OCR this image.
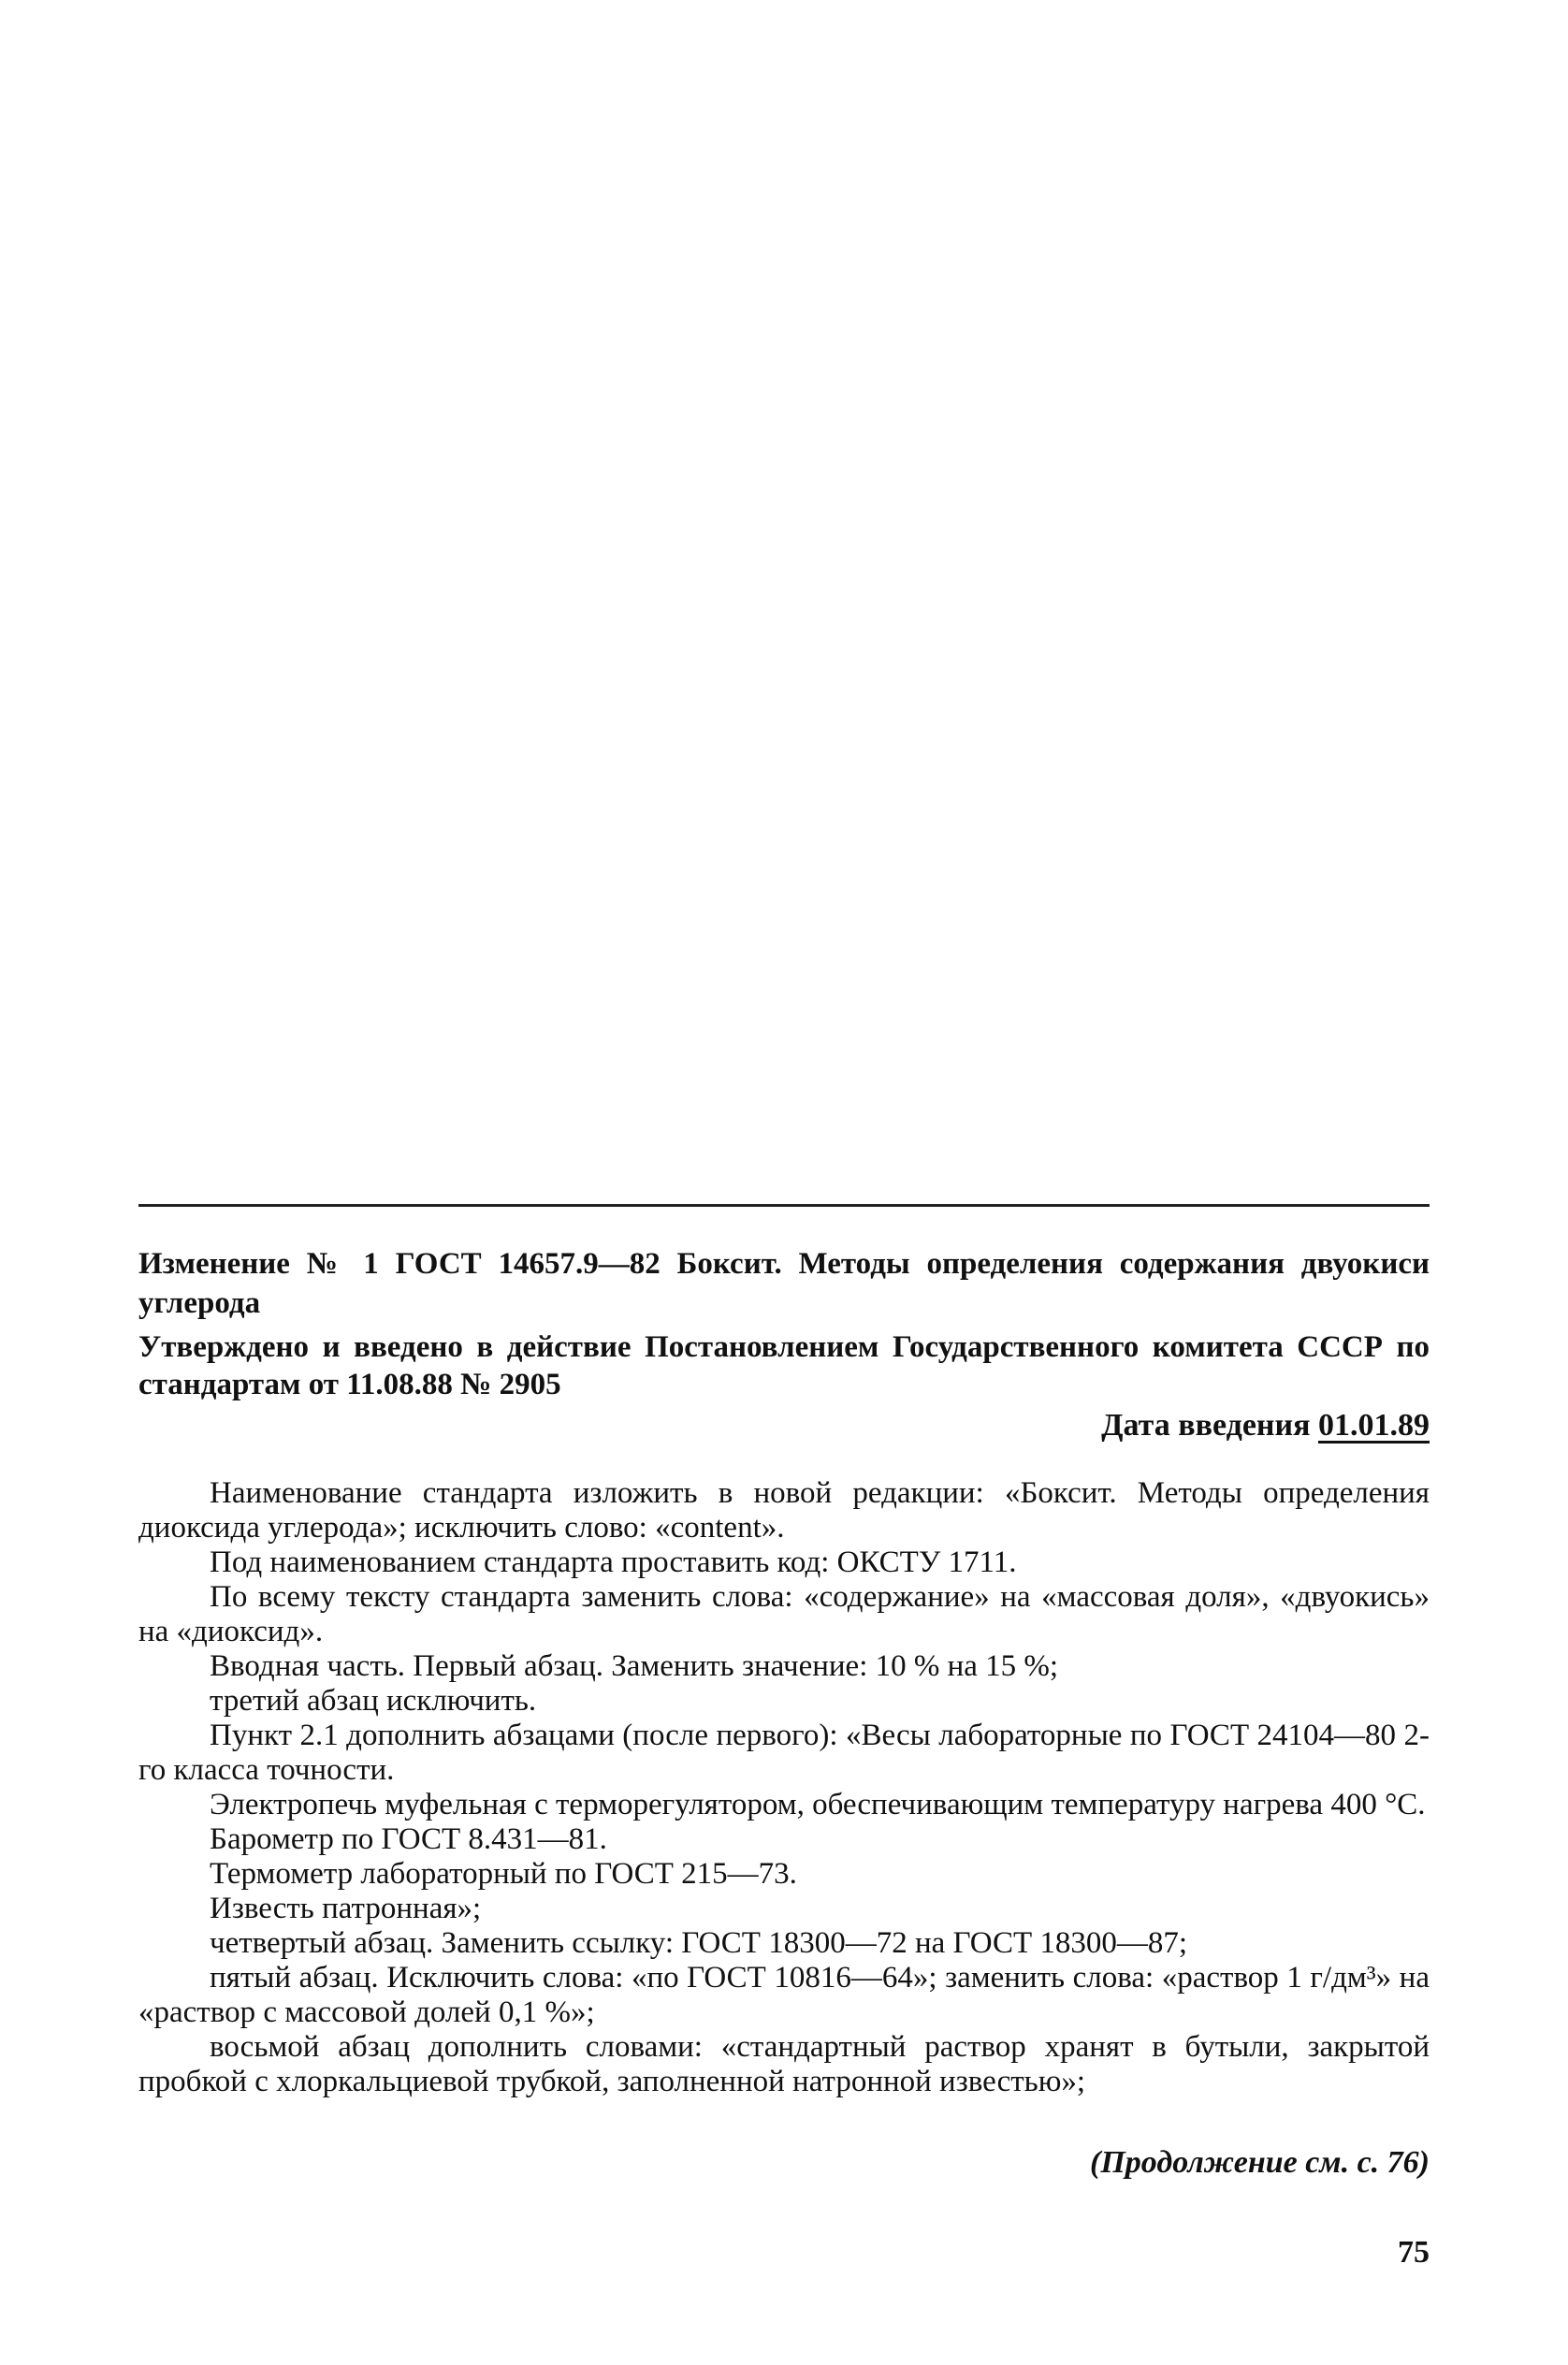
Изменение № 1 ГОСТ 14657.9—82 Боксит. Методы определения содержания двуокиси углерода
Утверждено и введено в действие Постановлением Государственного комитета СССР по стандартам от 11.08.88 № 2905
Дата введения 01.01.89

Наименование стандарта изложить в новой редакции: «Боксит. Методы определения диоксида углерода»; исключить слово: «content».

Под наименованием стандарта проставить код: ОКСТУ 1711.

По всему тексту стандарта заменить слова: «содержание» на «массовая доля», «двуокись» на «диоксид».

Вводная часть. Первый абзац. Заменить значение: 10 % на 15 %;

третий абзац исключить.

Пункт 2.1 дополнить абзацами (после первого): «Весы лабораторные по ГОСТ 24104—80 2-го класса точности.

Электропечь муфельная с терморегулятором, обеспечивающим температуру нагрева 400 °С.

Барометр по ГОСТ 8.431—81.

Термометр лабораторный по ГОСТ 215—73.

Известь патронная»;

четвертый абзац. Заменить ссылку: ГОСТ 18300—72 на ГОСТ 18300—87;

пятый абзац. Исключить слова: «по ГОСТ 10816—64»; заменить слова: «раствор 1 г/дм³» на «раствор с массовой долей 0,1 %»;

восьмой абзац дополнить словами: «стандартный раствор хранят в бутыли, закрытой пробкой с хлоркальциевой трубкой, заполненной натронной известью»;

(Продолжение см. с. 76)
75
